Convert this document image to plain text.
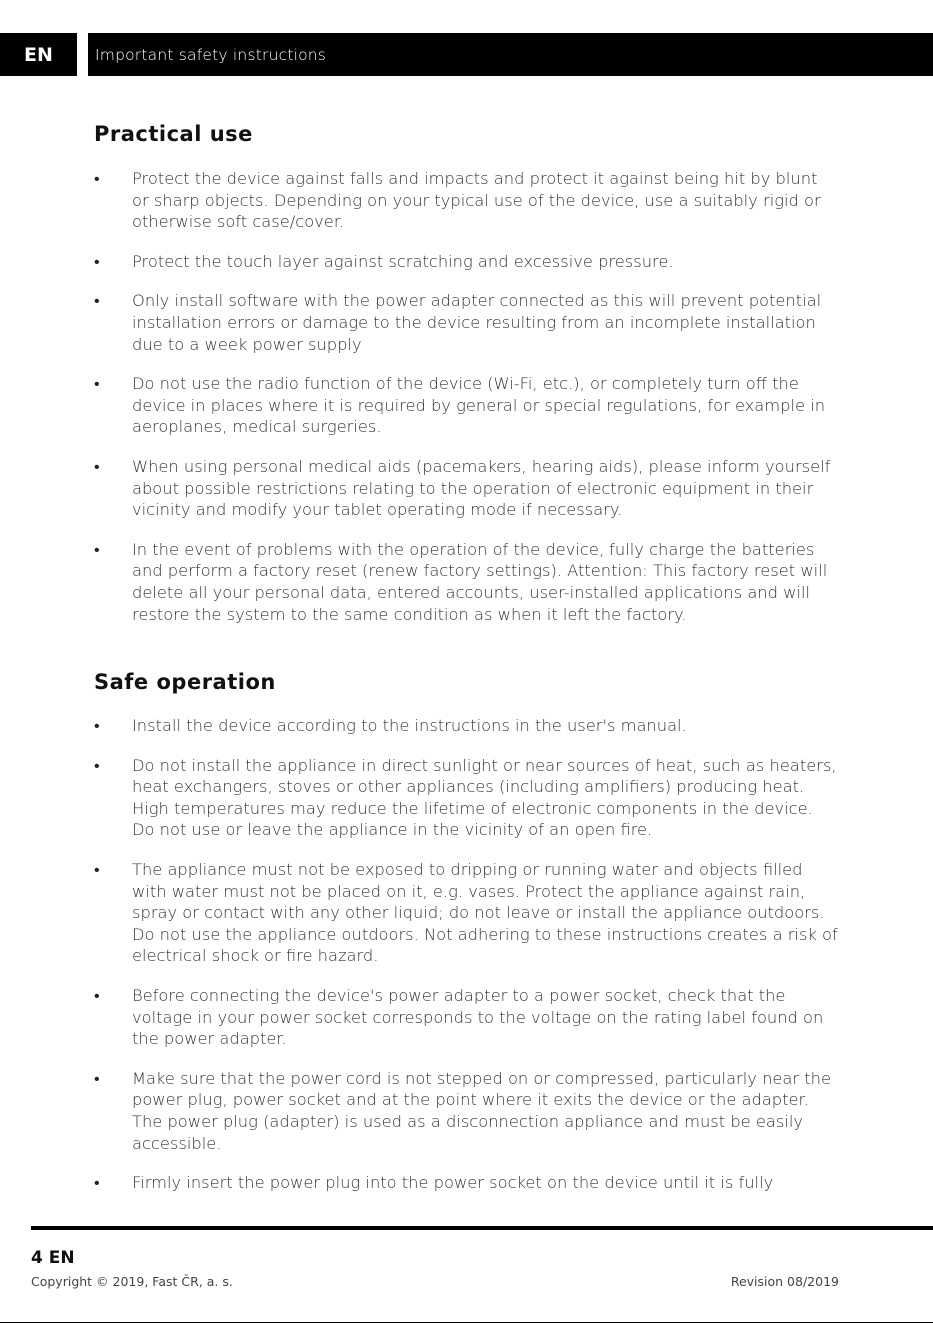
EN	Important safety instructions
Practical use
• Protect the device against falls and impacts and protect it against being hit by blunt or sharp objects. Depending on your typical use of the device, use a suitably rigid or otherwise soft case/cover.
• Protect the touch layer against scratching and excessive pressure.
• Only install software with the power adapter connected as this will prevent potential installation errors or damage to the device resulting from an incomplete installation due to a week power supply
• Do not use the radio function of the device (Wi-Fi, etc.), or completely turn off the device in places where it is required by general or special regulations, for example in aeroplanes, medical surgeries.
• When using personal medical aids (pacemakers, hearing aids), please inform yourself about possible restrictions relating to the operation of electronic equipment in their vicinity and modify your tablet operating mode if necessary.
• In the event of problems with the operation of the device, fully charge the batteries and perform a factory reset (renew factory settings). Attention: This factory reset will delete all your personal data, entered accounts, user-installed applications and will restore the system to the same condition as when it left the factory.
Safe operation
• Install the device according to the instructions in the user's manual.
• Do not install the appliance in direct sunlight or near sources of heat, such as heaters, heat exchangers, stoves or other appliances (including amplifiers) producing heat. High temperatures may reduce the lifetime of electronic components in the device. Do not use or leave the appliance in the vicinity of an open fire.
• The appliance must not be exposed to dripping or running water and objects filled with water must not be placed on it, e.g. vases. Protect the appliance against rain, spray or contact with any other liquid; do not leave or install the appliance outdoors. Do not use the appliance outdoors. Not adhering to these instructions creates a risk of electrical shock or fire hazard.
• Before connecting the device's power adapter to a power socket, check that the voltage in your power socket corresponds to the voltage on the rating label found on the power adapter.
• Make sure that the power cord is not stepped on or compressed, particularly near the power plug, power socket and at the point where it exits the device or the adapter. The power plug (adapter) is used as a disconnection appliance and must be easily accessible.
• Firmly insert the power plug into the power socket on the device until it is fully
4 EN
Copyright © 2019, Fast ČR, a. s.	Revision 08/2019
